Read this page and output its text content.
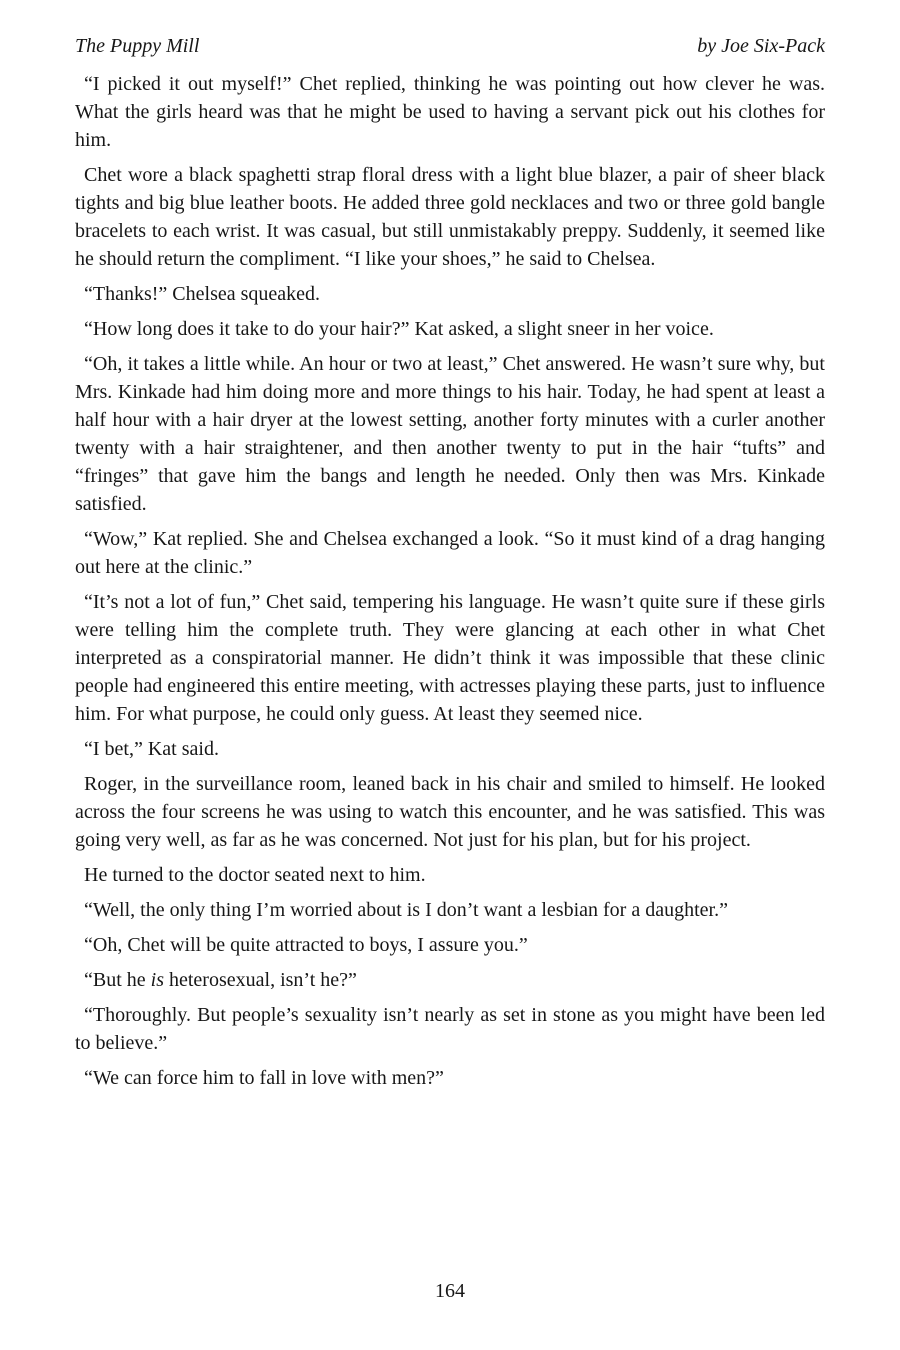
The Puppy Mill	by Joe Six-Pack

“I picked it out myself!” Chet replied, thinking he was pointing out how clever he was. What the girls heard was that he might be used to having a servant pick out his clothes for him.

Chet wore a black spaghetti strap floral dress with a light blue blazer, a pair of sheer black tights and big blue leather boots. He added three gold necklaces and two or three gold bangle bracelets to each wrist. It was casual, but still unmistakably preppy. Suddenly, it seemed like he should return the compliment. “I like your shoes,” he said to Chelsea.

“Thanks!” Chelsea squeaked.

“How long does it take to do your hair?” Kat asked, a slight sneer in her voice.

“Oh, it takes a little while. An hour or two at least,” Chet answered. He wasn’t sure why, but Mrs. Kinkade had him doing more and more things to his hair. Today, he had spent at least a half hour with a hair dryer at the lowest setting, another forty minutes with a curler another twenty with a hair straightener, and then another twenty to put in the hair “tufts” and “fringes” that gave him the bangs and length he needed. Only then was Mrs. Kinkade satisfied.

“Wow,” Kat replied. She and Chelsea exchanged a look. “So it must kind of a drag hanging out here at the clinic.”

“It’s not a lot of fun,” Chet said, tempering his language. He wasn’t quite sure if these girls were telling him the complete truth. They were glancing at each other in what Chet interpreted as a conspiratorial manner. He didn’t think it was impossible that these clinic people had engineered this entire meeting, with actresses playing these parts, just to influence him. For what purpose, he could only guess. At least they seemed nice.

“I bet,” Kat said.

Roger, in the surveillance room, leaned back in his chair and smiled to himself. He looked across the four screens he was using to watch this encounter, and he was satisfied. This was going very well, as far as he was concerned. Not just for his plan, but for his project.

He turned to the doctor seated next to him.

“Well, the only thing I’m worried about is I don’t want a lesbian for a daughter.”

“Oh, Chet will be quite attracted to boys, I assure you.”

“But he is heterosexual, isn’t he?”

“Thoroughly. But people’s sexuality isn’t nearly as set in stone as you might have been led to believe.”

“We can force him to fall in love with men?”

164
